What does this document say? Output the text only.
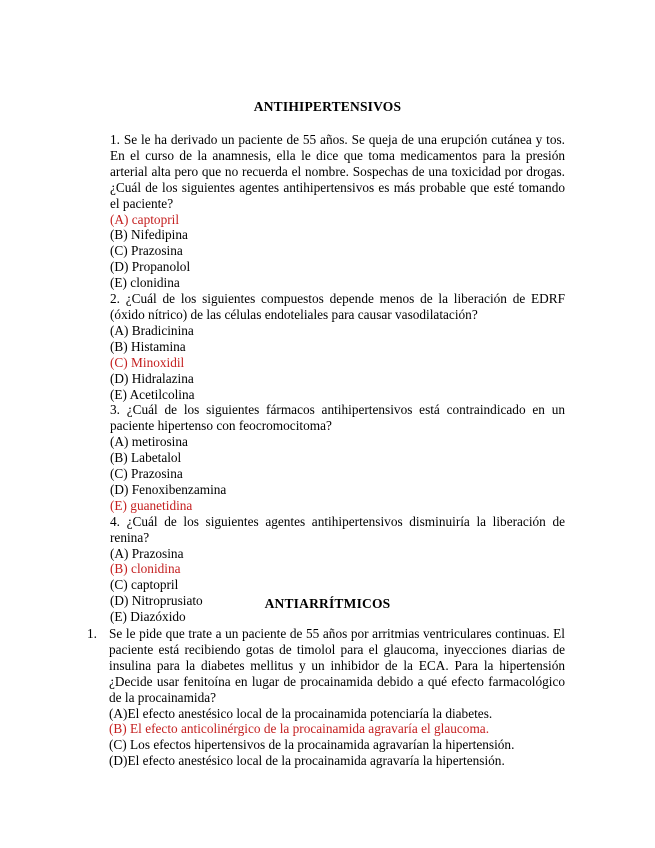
ANTIHIPERTENSIVOS
1. Se le ha derivado un paciente de 55 años. Se queja de una erupción cutánea y tos. En el curso de la anamnesis, ella le dice que toma medicamentos para la presión arterial alta pero que no recuerda el nombre. Sospechas de una toxicidad por drogas. ¿Cuál de los siguientes agentes antihipertensivos es más probable que esté tomando el paciente?
(A) captopril
(B) Nifedipina
(C) Prazosina
(D) Propanolol
(E) clonidina
2. ¿Cuál de los siguientes compuestos depende menos de la liberación de EDRF (óxido nítrico) de las células endoteliales para causar vasodilatación?
(A) Bradicinina
(B) Histamina
(C) Minoxidil
(D) Hidralazina
(E) Acetilcolina
3. ¿Cuál de los siguientes fármacos antihipertensivos está contraindicado en un paciente hipertenso con feocromocitoma?
(A) metirosina
(B) Labetalol
(C) Prazosina
(D) Fenoxibenzamina
(E) guanetidina
4. ¿Cuál de los siguientes agentes antihipertensivos disminuiría la liberación de renina?
(A) Prazosina
(B) clonidina
(C) captopril
(D) Nitroprusiato
(E) Diazóxido
ANTIARRÍTMICOS
1. Se le pide que trate a un paciente de 55 años por arritmias ventriculares continuas. El paciente está recibiendo gotas de timolol para el glaucoma, inyecciones diarias de insulina para la diabetes mellitus y un inhibidor de la ECA. Para la hipertensión ¿Decide usar fenitoína en lugar de procainamida debido a qué efecto farmacológico de la procainamida?
(A)El efecto anestésico local de la procainamida potenciaría la diabetes.
(B) El efecto anticolinérgico de la procainamida agravaría el glaucoma.
(C) Los efectos hipertensivos de la procainamida agravarían la hipertensión.
(D)El efecto anestésico local de la procainamida agravaría la hipertensión.
